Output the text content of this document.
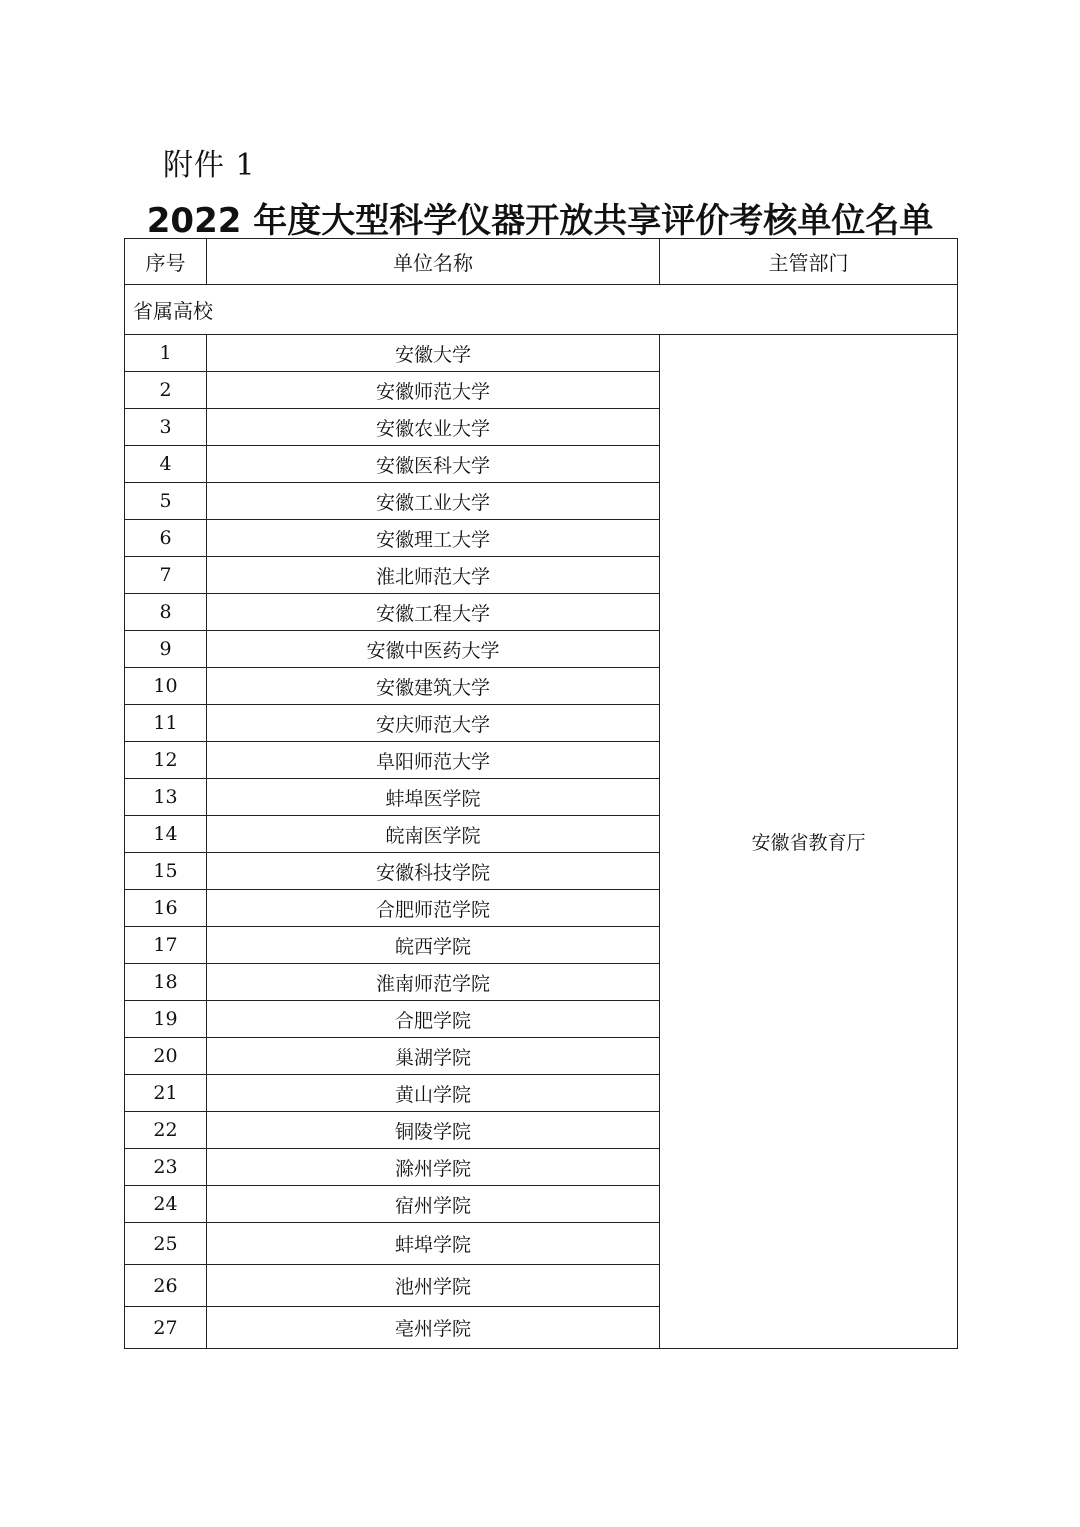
附件 1
2022 年度大型科学仪器开放共享评价考核单位名单
序号	单位名称	主管部门
省属高校		
1	安徽大学	安徽省教育厅
2	安徽师范大学	
3	安徽农业大学	
4	安徽医科大学	
5	安徽工业大学	
6	安徽理工大学	
7	淮北师范大学	
8	安徽工程大学	
9	安徽中医药大学	
10	安徽建筑大学	
11	安庆师范大学	
12	阜阳师范大学	
13	蚌埠医学院	
14	皖南医学院	
15	安徽科技学院	
16	合肥师范学院	
17	皖西学院	
18	淮南师范学院	
19	合肥学院	
20	巢湖学院	
21	黄山学院	
22	铜陵学院	
23	滁州学院	
24	宿州学院	
25	蚌埠学院	
26	池州学院	
27	亳州学院	
